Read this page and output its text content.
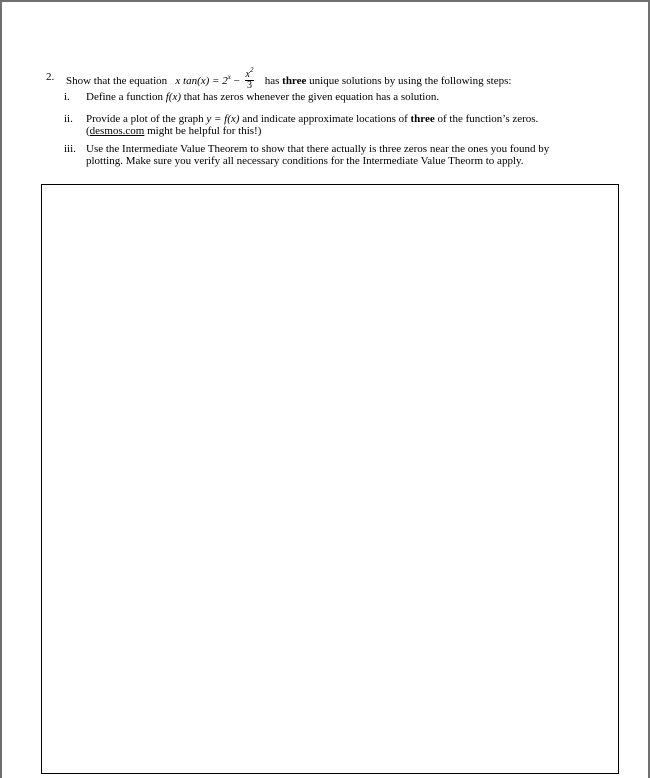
2. Show that the equation x $\tan(x) = 2^x - \frac{x^2}{3}$ has three unique solutions by using the following steps:
i. Define a function f(x) that has zeros whenever the given equation has a solution.
ii. Provide a plot of the graph y = f(x) and indicate approximate locations of three of the function’s zeros.
(desmos.com might be helpful for this!)
iii. Use the Intermediate Value Theorem to show that there actually is three zeros near the ones you found by
plotting. Make sure you verify all necessary conditions for the Intermediate Value Theorm to apply.
